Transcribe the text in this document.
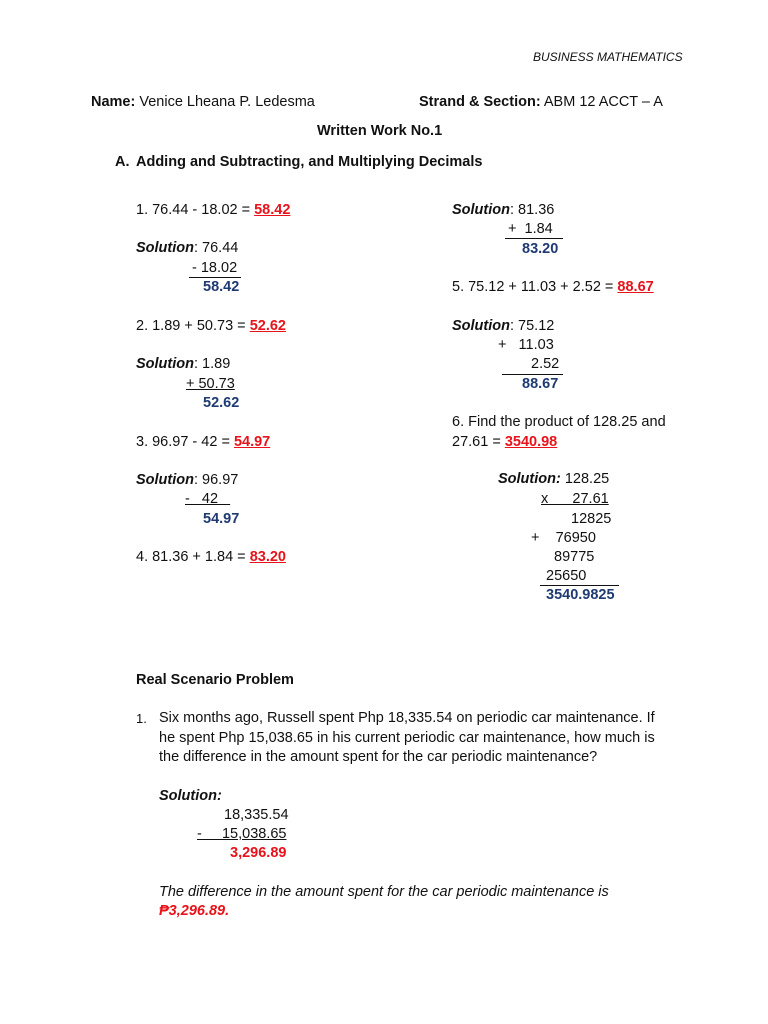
BUSINESS MATHEMATICS
Name: Venice Lheana P. Ledesma	Strand & Section: ABM 12 ACCT – A
Written Work No.1
A. Adding and Subtracting, and Multiplying Decimals
1. 76.44 - 18.02 = 58.42
Solution: 76.44
- 18.02
58.42
2. 1.89 + 50.73 = 52.62
Solution: 1.89
+ 50.73
52.62
3. 96.97 - 42 = 54.97
Solution: 96.97
-   42
54.97
4. 81.36 + 1.84 = 83.20
Solution: 81.36
+  1.84
83.20
5. 75.12 + 11.03 + 2.52 = 88.67
Solution: 75.12
+   11.03
2.52
88.67
6. Find the product of 128.25 and
27.61 = 3540.98
Solution: 128.25
x      27.61
12825
+    76950
89775
25650
3540.9825
Real Scenario Problem
1. Six months ago, Russell spent Php 18,335.54 on periodic car maintenance. If
he spent Php 15,038.65 in his current periodic car maintenance, how much is
the difference in the amount spent for the car periodic maintenance?
Solution:
18,335.54
-     15,038.65
3,296.89
The difference in the amount spent for the car periodic maintenance is
₱3,296.89.
